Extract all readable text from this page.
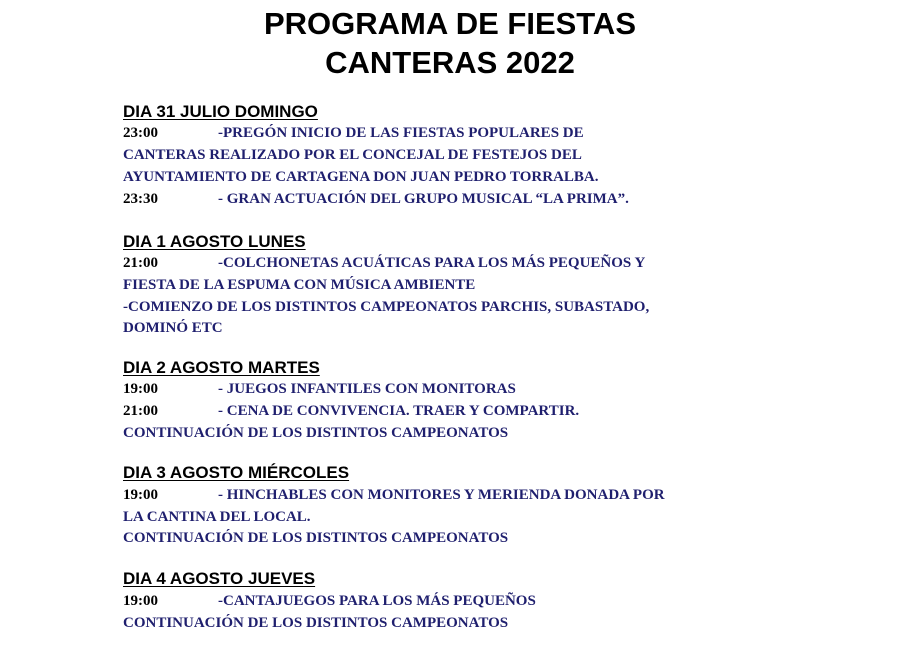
PROGRAMA DE FIESTAS
CANTERAS 2022
DIA 31 JULIO DOMINGO
23:00	-PREGÓN INICIO DE LAS FIESTAS POPULARES DE
CANTERAS REALIZADO POR EL CONCEJAL DE FESTEJOS DEL
AYUNTAMIENTO DE CARTAGENA DON JUAN PEDRO TORRALBA.
23:30	- GRAN ACTUACIÓN DEL GRUPO MUSICAL “LA PRIMA”.
DIA 1 AGOSTO LUNES
21:00	-COLCHONETAS ACUÁTICAS PARA LOS MÁS PEQUEÑOS Y
FIESTA DE LA ESPUMA CON MÚSICA AMBIENTE
-COMIENZO DE LOS DISTINTOS CAMPEONATOS PARCHIS, SUBASTADO,
DOMINÓ ETC
DIA 2 AGOSTO MARTES
19:00	- JUEGOS INFANTILES CON MONITORAS
21:00	- CENA DE CONVIVENCIA. TRAER Y COMPARTIR.
CONTINUACIÓN DE LOS DISTINTOS CAMPEONATOS
DIA 3 AGOSTO MIÉRCOLES
19:00	- HINCHABLES CON MONITORES Y MERIENDA DONADA POR
LA CANTINA DEL LOCAL.
CONTINUACIÓN DE LOS DISTINTOS CAMPEONATOS
DIA 4 AGOSTO JUEVES
19:00	-CANTAJUEGOS PARA LOS MÁS PEQUEÑOS
CONTINUACIÓN DE LOS DISTINTOS CAMPEONATOS
